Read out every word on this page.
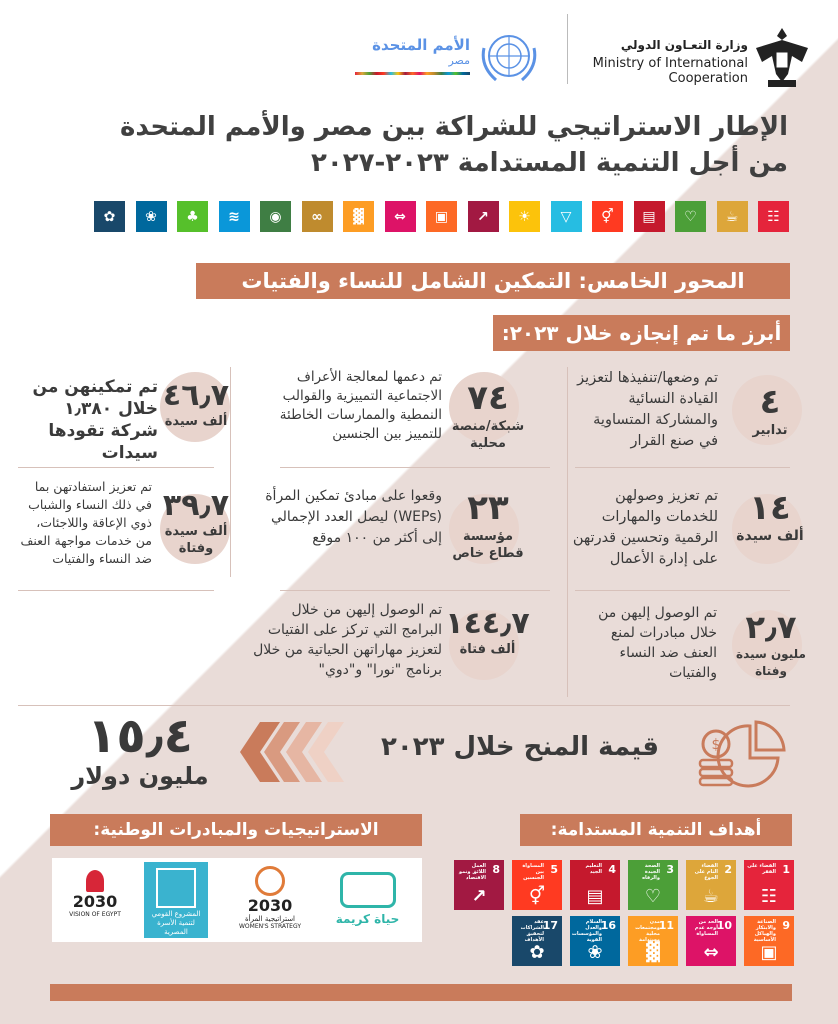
الأمم المتحدة
مصر
وزارة التعـاون الدولي
Ministry of International
Cooperation
الإطار الاستراتيجي للشراكة بين مصر والأمم المتحدة
من أجل التنمية المستدامة ٢٠٢٣-٢٠٢٧
☷
☕
♡
▤
⚥
▽
☀
↗
▣
⇔
▓
∞
◉
≋
♣
❀
✿
المحور الخامس: التمكين الشامل للنساء والفتيات
أبرز ما تم إنجازه خلال ٢٠٢٣:
٤
تدابير
تم وضعها/تنفيذها لتعزيز القيادة النسائية والمشاركة المتساوية في صنع القرار
٧٤
شبكة/منصة محلية
تم دعمها لمعالجة الأعراف الاجتماعية التمييزية والقوالب النمطية والممارسات الخاطئة للتمييز بين الجنسين
٤٦٫٧
ألف سيدة
تم تمكينهن من خلال ١٫٣٨٠ شركة تقودها سيدات
١٤
ألف سيدة
تم تعزيز وصولهن للخدمات والمهارات الرقمية وتحسين قدرتهن على إدارة الأعمال
٢٣
مؤسسة قطاع خاص
وقعوا على مبادئ تمكين المرأة (WEPs) ليصل العدد الإجمالي إلى أكثر من ١٠٠ موقع
٣٩٫٧
ألف سيدة وفتاة
تم تعزيز استفادتهن بما في ذلك النساء والشباب ذوي الإعاقة واللاجئات، من خدمات مواجهة العنف ضد النساء والفتيات
٢٫٧
مليون سيدة وفتاة
تم الوصول إليهن من خلال مبادرات لمنع العنف ضد النساء والفتيات
١٤٤٫٧
ألف فتاة
تم الوصول إليهن من خلال البرامج التي تركز على الفتيات لتعزيز مهاراتهن الحياتية من خلال برنامج "نورا" و"دوي"
$
قيمة المنح خلال ٢٠٢٣
١٥٫٤
مليون دولار
الاستراتيجيات والمبادرات الوطنية:	أهداف التنمية المستدامة:
حياة كريمة
2030
استراتيجية المرأة
WOMEN'S STRATEGY
المشروع القومي لتنمية الأسرة المصرية
2030
VISION OF EGYPT
1
القضاء على الفقر
☷
2
القضاء التام على الجوع
☕
3
الصحة الجيدة والرفاه
♡
4
التعليم الجيد
▤
5
المساواة بين الجنسين
⚥
8
العمل اللائق ونمو الاقتصاد
↗
9
الصناعة والابتكار والهياكل الأساسية
▣
10
الحد من أوجه عدم المساواة
⇔
11
مدن ومجتمعات محلية مستدامة
▓
16
السلام والعدل والمؤسسات القوية
❀
17
عقد الشراكات لتحقيق الأهداف
✿
